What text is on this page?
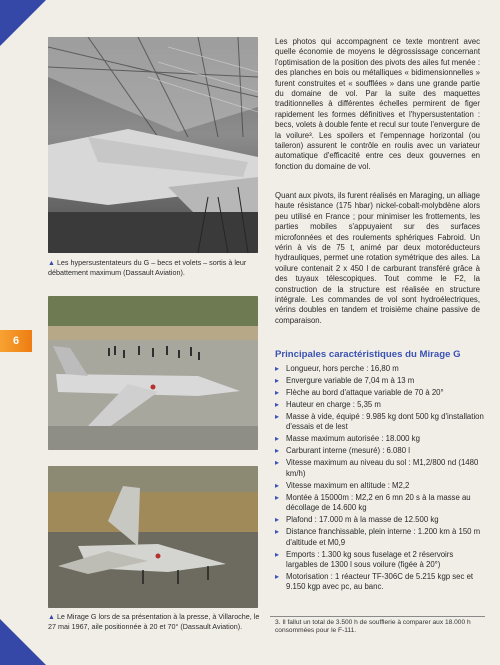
6
▲ Les hypersustentateurs du G – becs et volets – sortis à leur débattement maximum (Dassault Aviation).
▲ Le Mirage G lors de sa présentation à la presse, à Villaroche, le 27 mai 1967, aile positionnée à 20 et 70° (Dassault Aviation).
Les photos qui accompagnent ce texte montrent avec quelle économie de moyens le dégrossissage concernant l'optimisation de la position des pivots des ailes fut menée : des planches en bois ou métalliques « bidimensionnelles » furent construites et « soufflées » dans une grande partie du domaine de vol. Par la suite des maquettes traditionnelles à différentes échelles permirent de figer rapidement les formes définitives et l'hypersustentation : becs, volets à double fente et recul sur toute l'envergure de la voilure³. Les spoilers et l'empennage horizontal (ou taileron) assurent le contrôle en roulis avec un variateur automatique d'efficacité entre ces deux gouvernes en fonction du domaine de vol.
Quant aux pivots, ils furent réalisés en Maraging, un alliage haute résistance (175 hbar) nickel-cobalt-molybdène alors peu utilisé en France ; pour minimiser les frottements, les parties mobiles s'appuyaient sur des surfaces microfonnées et des roulements sphériques Fabroid. Un vérin à vis de 75 t, animé par deux motoréducteurs hydrauliques, permet une rotation symétrique des ailes. La voilure contenait 2 x 450 l de carburant transféré grâce à des tuyaux télescopiques. Tout comme le F2, la construction de la structure est réalisée en structure intégrale. Les commandes de vol sont hydroélectriques, vérins doubles en tandem et troisième chaine passive de comparaison.
Principales caractéristiques du Mirage G
▸ Longueur, hors perche : 16,80 m
▸ Envergure variable de 7,04 m à 13 m
▸ Flèche au bord d'attaque variable de 70 à 20°
▸ Hauteur en charge : 5,35 m
▸ Masse à vide, équipé : 9.985 kg dont 500 kg d'installation d'essais et de lest
▸ Masse maximum autorisée : 18.000 kg
▸ Carburant interne (mesuré) : 6.080 l
▸ Vitesse maximum au niveau du sol : M1,2/800 nd (1480 km/h)
▸ Vitesse maximum en altitude : M2,2
▸ Montée à 15000m : M2,2 en 6 mn 20 s à la masse au décollage de 14.600 kg
▸ Plafond : 17.000 m à la masse de 12.500 kg
▸ Distance franchissable, plein interne : 1.200 km à 150 m d'altitude et M0,9
▸ Emports : 1.300 kg sous fuselage et 2 réservoirs largables de 1300 l sous voilure (figée à 20°)
▸ Motorisation : 1 réacteur TF-306C de 5.215 kgp sec et 9.150 kgp avec pc, au banc.
3. Il fallut un total de 3.500 h de soufflerie à comparer aux 18.000 h consommées pour le F-111.
